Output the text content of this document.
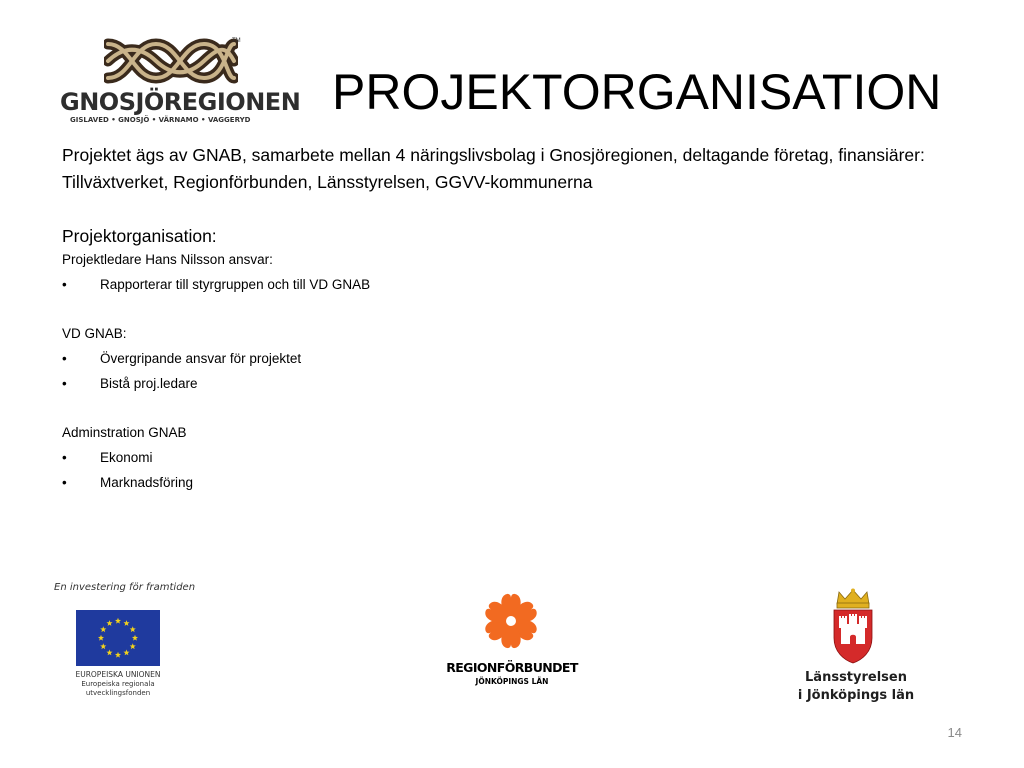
TM
GNOSJÖREGIONEN
GISLAVED • GNOSJÖ • VÄRNAMO • VAGGERYD PROJEKTORGANISATION

Projektet ägs av GNAB, samarbete mellan 4 näringslivsbolag i Gnosjöregionen, deltagande företag, finansiärer: Tillväxtverket, Regionförbunden, Länsstyrelsen, GGVV-kommunerna

Projektorganisation:

Projektledare Hans Nilsson ansvar:

• Rapporterar till styrgruppen och till VD GNAB

VD GNAB:

• Övergripande ansvar för projektet
• Bistå proj.ledare

Adminstration GNAB

• Ekonomi
• Marknadsföring
En investering för framtiden
EUROPEISKA UNIONEN
Europeiska regionala
utvecklingsfonden
REGIONFÖRBUNDET
JÖNKÖPINGS LÄN	Länsstyrelsen
i Jönköpings län
14
